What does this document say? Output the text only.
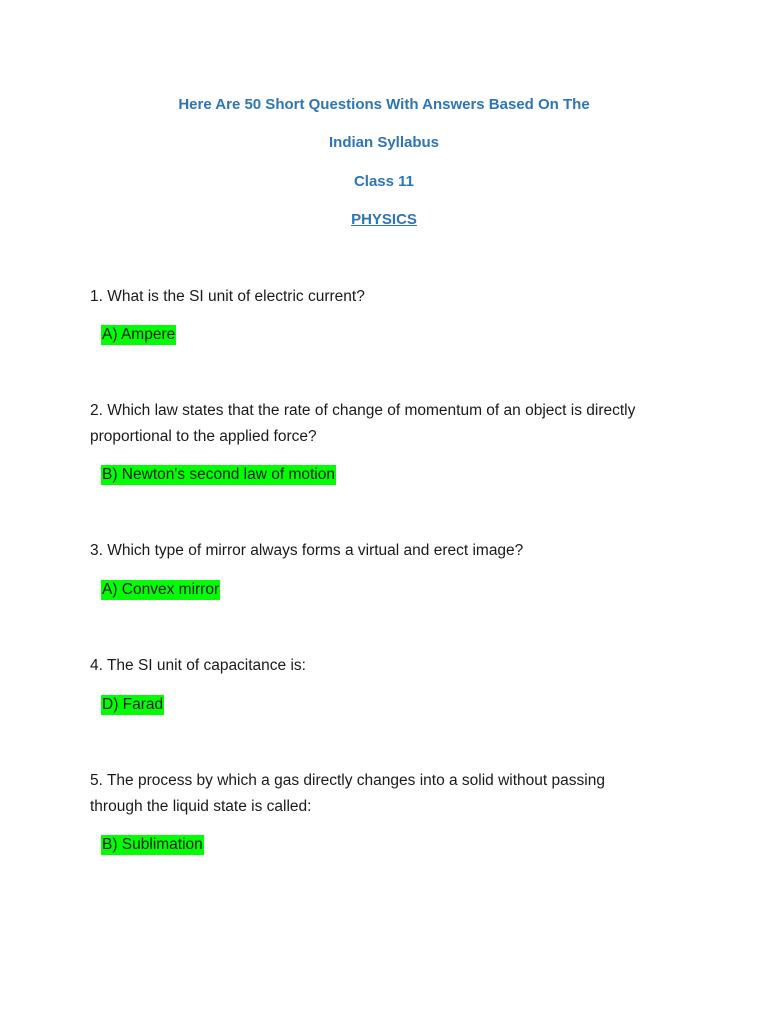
Here Are 50 Short Questions With Answers Based On The
Indian Syllabus
Class 11
PHYSICS
1. What is the SI unit of electric current?
A) Ampere
2. Which law states that the rate of change of momentum of an object is directly
proportional to the applied force?
B) Newton's second law of motion
3. Which type of mirror always forms a virtual and erect image?
A) Convex mirror
4. The SI unit of capacitance is:
D) Farad
5. The process by which a gas directly changes into a solid without passing
through the liquid state is called:
B) Sublimation
